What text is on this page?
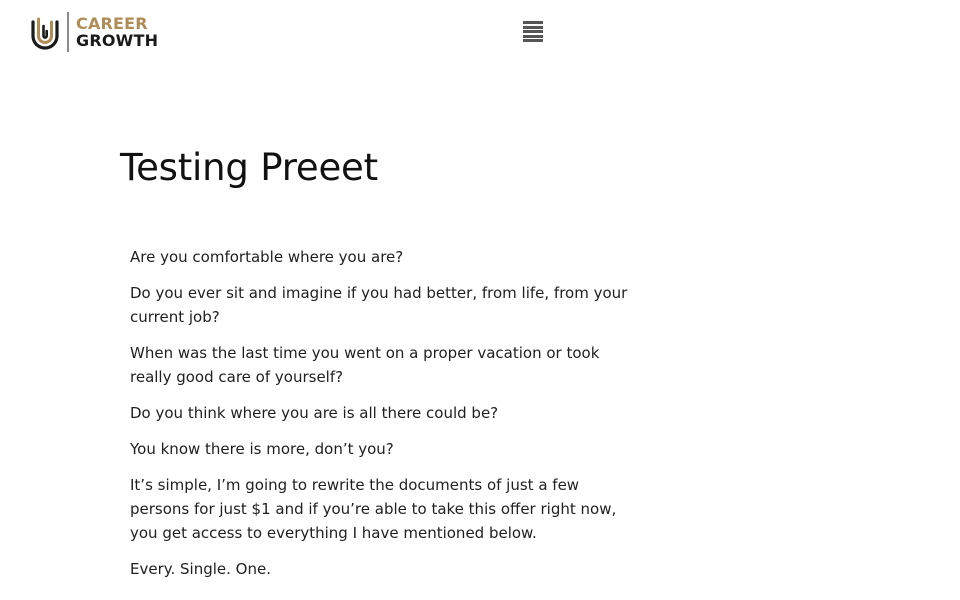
CAREER
GROWTH
Testing Preeet

Are you comfortable where you are?

Do you ever sit and imagine if you had better, from life, from your current job?

When was the last time you went on a proper vacation or took really good care of yourself?

Do you think where you are is all there could be?

You know there is more, don’t you?

It’s simple, I’m going to rewrite the documents of just a few persons for just $1 and if you’re able to take this offer right now, you get access to everything I have mentioned below.

Every. Single. One.
